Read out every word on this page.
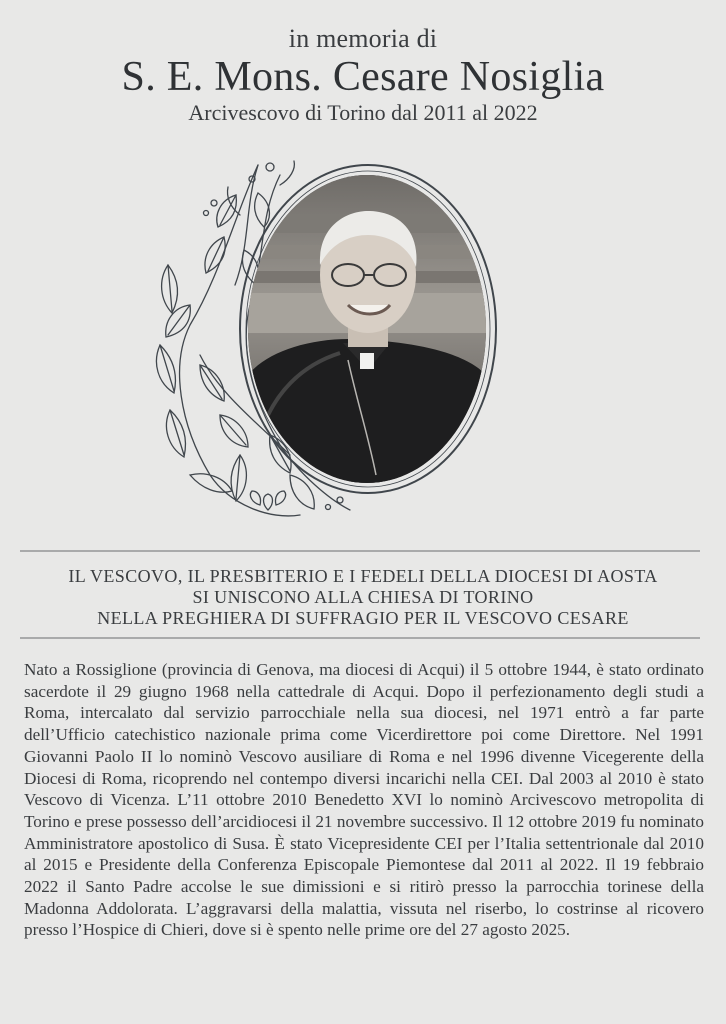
in memoria di
S. E. Mons. Cesare Nosiglia
Arcivescovo di Torino dal 2011 al 2022
IL VESCOVO, IL PRESBITERIO E I FEDELI DELLA DIOCESI DI AOSTA
SI UNISCONO ALLA CHIESA DI TORINO
NELLA PREGHIERA DI SUFFRAGIO PER IL VESCOVO CESARE
Nato a Rossiglione (provincia di Genova, ma diocesi di Acqui) il 5 ottobre 1944, è stato ordinato sacerdote il 29 giugno 1968 nella cattedrale di Acqui. Dopo il perfezionamento degli studi a Roma, intercalato dal servizio parrocchiale nella sua diocesi, nel 1971 entrò a far parte dell’Ufficio catechistico nazionale prima come Vicerdirettore poi come Direttore. Nel 1991 Giovanni Paolo II lo nominò Vescovo ausiliare di Roma e nel 1996 divenne Vicegerente della Diocesi di Roma, ricoprendo nel contempo diversi incarichi nella CEI. Dal 2003 al 2010 è stato Vescovo di Vicenza. L’11 ottobre 2010 Benedetto XVI lo nominò Arcivescovo metropolita di Torino e prese possesso dell’arcidiocesi il 21 novembre successivo. Il 12 ottobre 2019 fu nominato Amministratore apostolico di Susa. È stato Vicepresidente CEI per l’Italia settentrionale dal 2010 al 2015 e Presidente della Conferenza Episcopale Piemontese dal 2011 al 2022. Il 19 febbraio 2022 il Santo Padre accolse le sue dimissioni e si ritirò presso la parrocchia torinese della Madonna Addolorata. L’aggravarsi della malattia, vissuta nel riserbo, lo costrinse al ricovero presso l’Hospice di Chieri, dove si è spento nelle prime ore del 27 agosto 2025.
